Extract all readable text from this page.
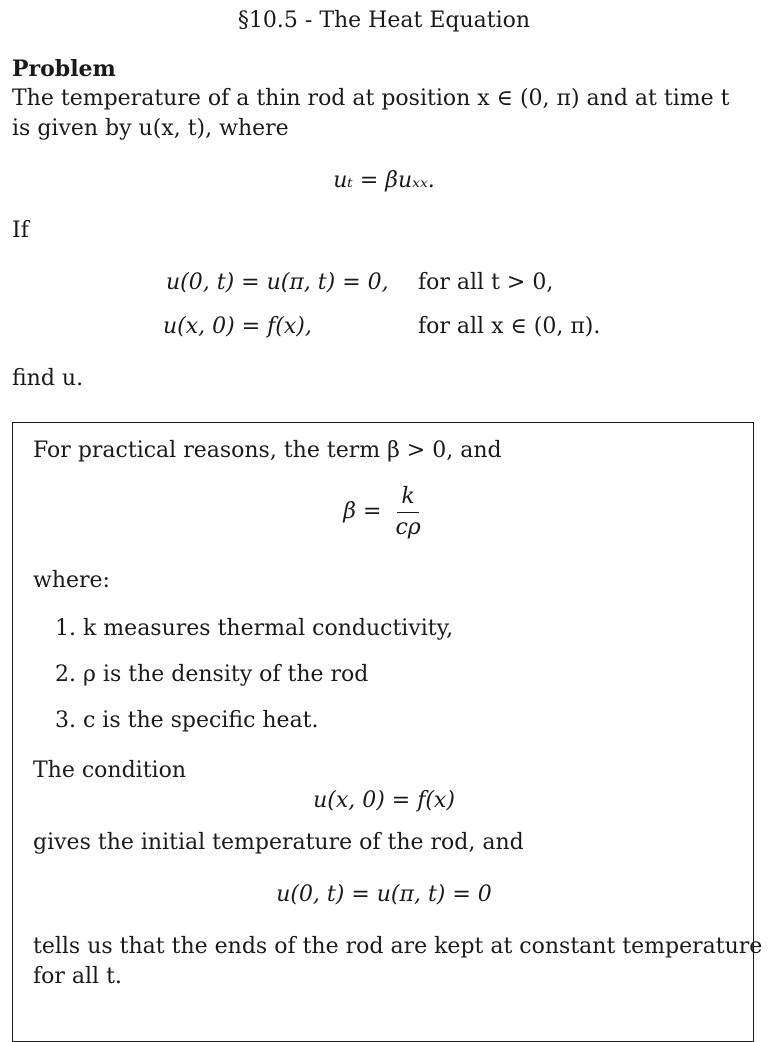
§10.5 - The Heat Equation
Problem
The temperature of a thin rod at position x ∈ (0, π) and at time t
is given by u(x, t), where
uₜ = βuₓₓ.
If
u(0, t) = u(π, t) = 0, for all t > 0,
u(x, 0) = f(x),	for all x ∈ (0, π).
find u.
For practical reasons, the term β > 0, and
$\beta = \frac{k}{c\rho}$
where:
1. k measures thermal conductivity,
2. ρ is the density of the rod
3. c is the specific heat.
The condition
u(x, 0) = f(x)
gives the initial temperature of the rod, and
u(0, t) = u(π, t) = 0
tells us that the ends of the rod are kept at constant temperature
for all t.
